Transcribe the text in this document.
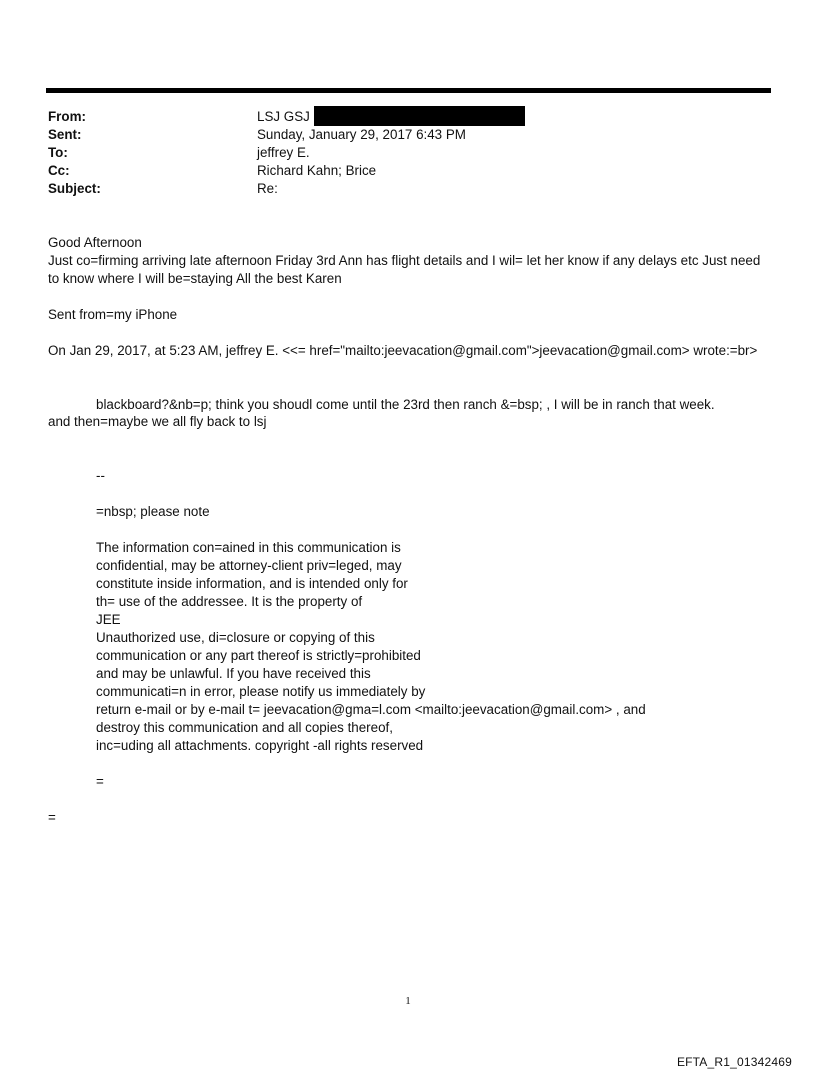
From:	LSJ GSJ
Sent:	Sunday, January 29, 2017 6:43 PM
To:	jeffrey E.
Cc:	Richard Kahn; Brice
Subject:	Re:
Good Afternoon
Just co=firming arriving late afternoon Friday 3rd Ann has flight details and I wil= let her know if any delays etc Just need
to know where I will be=staying All the best Karen
Sent from=my iPhone
On Jan 29, 2017, at 5:23 AM, jeffrey E. <<= href="mailto:jeevacation@gmail.com">jeevacation@gmail.com> wrote:=br>
blackboard?&nb=p; think you shoudl come until the 23rd then ranch &=bsp; , I will be in ranch that week.
and then=maybe we all fly back to lsj
--
=nbsp; please note
The information con=ained in this communication is
confidential, may be attorney-client priv=leged, may
constitute inside information, and is intended only for
th= use of the addressee. It is the property of
JEE
Unauthorized use, di=closure or copying of this
communication or any part thereof is strictly=prohibited
and may be unlawful. If you have received this
communicati=n in error, please notify us immediately by
return e-mail or by e-mail t= jeevacation@gma=l.com <mailto:jeevacation@gmail.com> , and
destroy this communication and all copies thereof,
inc=uding all attachments. copyright -all rights reserved
=
=
1
EFTA_R1_01342469
